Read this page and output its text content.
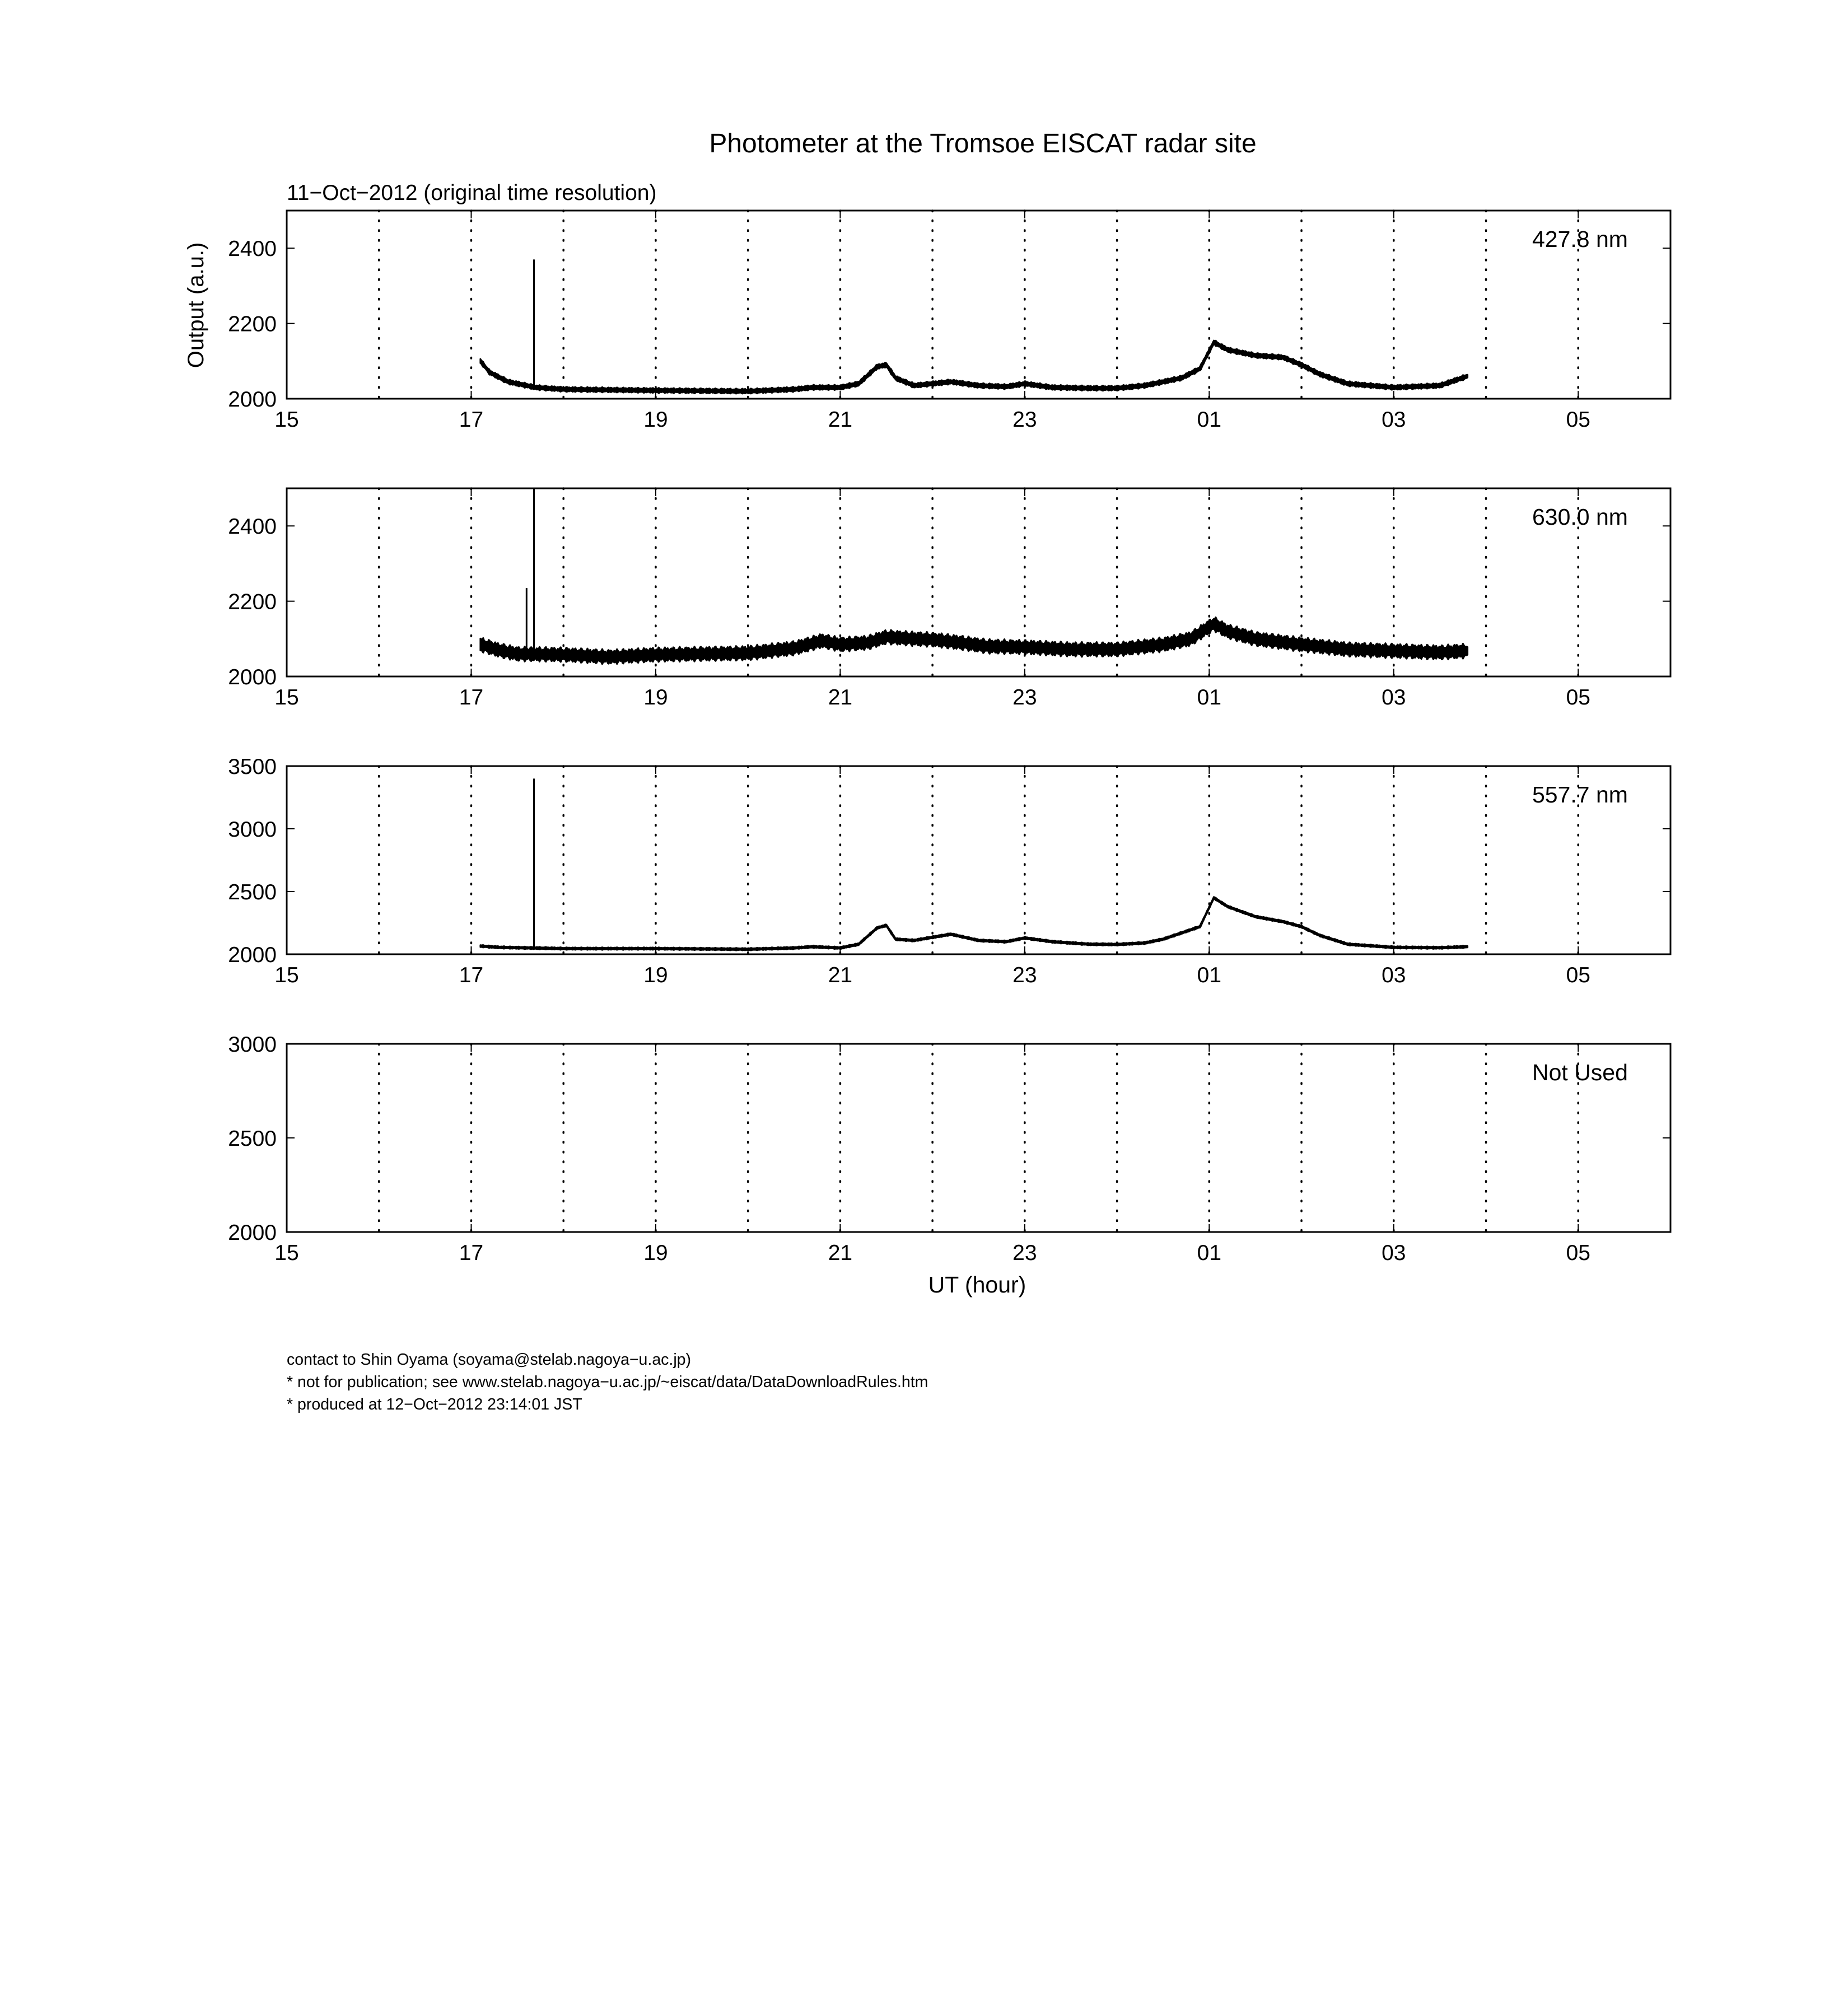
Photometer at the Tromsoe EISCAT radar site
11−Oct−2012 (original time resolution)
Output (a.u.)
UT (hour)
15	17	19	21	23	01	03	05
2000
2200
2400	427.8 nm
15	17	19	21	23	01	03	05
2000
2200
2400	630.0 nm
15	17	19	21	23	01	03	05
2000
2500
3000
3500
557.7 nm
15	17	19	21	23	01	03	05
2000
2500
3000
Not Used
contact to Shin Oyama (soyama@stelab.nagoya−u.ac.jp)
* not for publication; see www.stelab.nagoya−u.ac.jp/~eiscat/data/DataDownloadRules.htm
* produced at 12−Oct−2012 23:14:01 JST
